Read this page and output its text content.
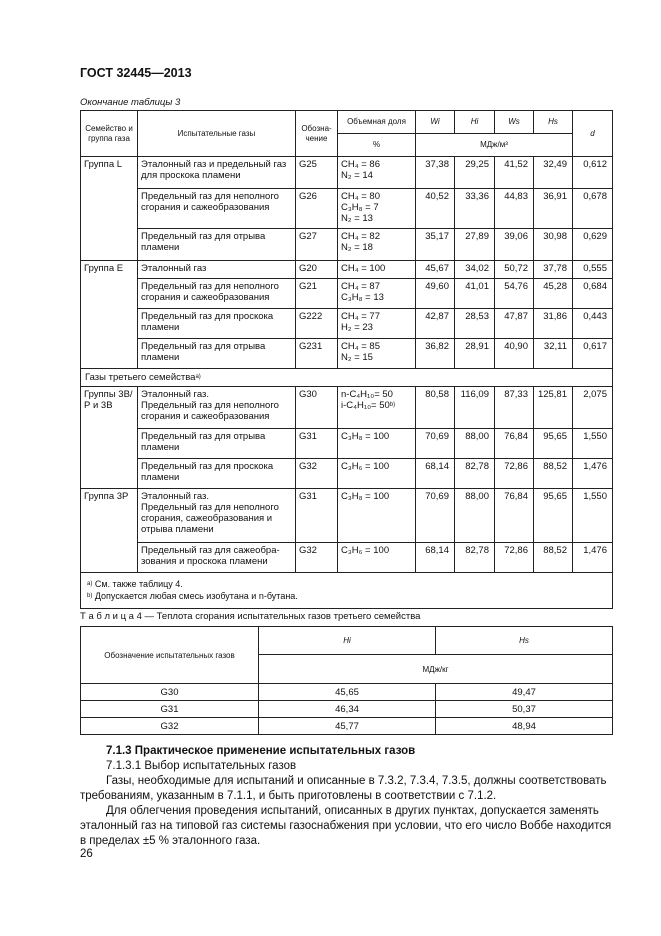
ГОСТ 32445—2013
Окончание таблицы 3
Семейство и группа газа	Испытательные газы	Обозна-чение	Объемная доля	Wi	Hi	Ws	Hs	d
			%	МДж/м³				
Группа L	Эталонный газ и предельный газ для проскока пламени	G25	CH₄ = 86
N₂ = 14	37,38	29,25	41,52	32,49	0,612
	Предельный газ для неполного сгорания и сажеобразования	G26	CH₄ = 80
C₃H₈ = 7
N₂ = 13	40,52	33,36	44,83	36,91	0,678
	Предельный газ для отрыва пламени	G27	CH₄ = 82
N₂ = 18	35,17	27,89	39,06	30,98	0,629
Группа Е	Эталонный газ	G20	CH₄ = 100	45,67	34,02	50,72	37,78	0,555
	Предельный газ для неполного сгорания и сажеобразования	G21	CH₄ = 87
C₃H₈ = 13	49,60	41,01	54,76	45,28	0,684
	Предельный газ для проскока пламени	G222	CH₄ = 77
H₂ = 23	42,87	28,53	47,87	31,86	0,443
	Предельный газ для отрыва пламени	G231	CH₄ = 85
N₂ = 15	36,82	28,91	40,90	32,11	0,617
Газы третьего семейства$^{а)}$
Группы 3В/Р и 3В	Эталонный газ.
Предельный газ для неполного сгорания и сажеобразования	G30	n-C₄H₁₀= 50
$i-C_4H_{10}= 50^{b)}$	80,58	116,09	87,33	125,81	2,075
	Предельный газ для отрыва пламени	G31	C₃H₈ = 100	70,69	88,00	76,84	95,65	1,550
	Предельный газ для проскока пламени	G32	C₃H₆ = 100	68,14	82,78	72,86	88,52	1,476
Группа 3Р	Эталонный газ.
Предельный газ для неполного сгорания, сажеобразования и отрыва пламени	G31	C₃H₈ = 100	70,69	88,00	76,84	95,65	1,550
	Предельный газ для сажеобра-зования и проскока пламени	G32	C₃H₆ = 100	68,14	82,78	72,86	88,52	1,476

$^{а)}$ См. также таблицу 4.
$^{b)}$ Допускается любая смесь изобутана и n-бутана.								
Т а б л и ц а 4 — Теплота сгорания испытательных газов третьего семейства
Обозначение испытательных газов	Hi	Hs
	МДж/кг	
G30	45,65	49,47
G31	46,34	50,37
G32	45,77	48,94
7.1.3 Практическое применение испытательных газов
7.1.3.1 Выбор испытательных газов
Газы, необходимые для испытаний и описанные в 7.3.2, 7.3.4, 7.3.5, должны соответствовать требованиям, указанным в 7.1.1, и быть приготовлены в соответствии с 7.1.2.
Для облегчения проведения испытаний, описанных в других пунктах, допускается заменять эталонный газ на типовой газ системы газоснабжения при условии, что его число Воббе находится в пределах ±5 % эталонного газа.
26
